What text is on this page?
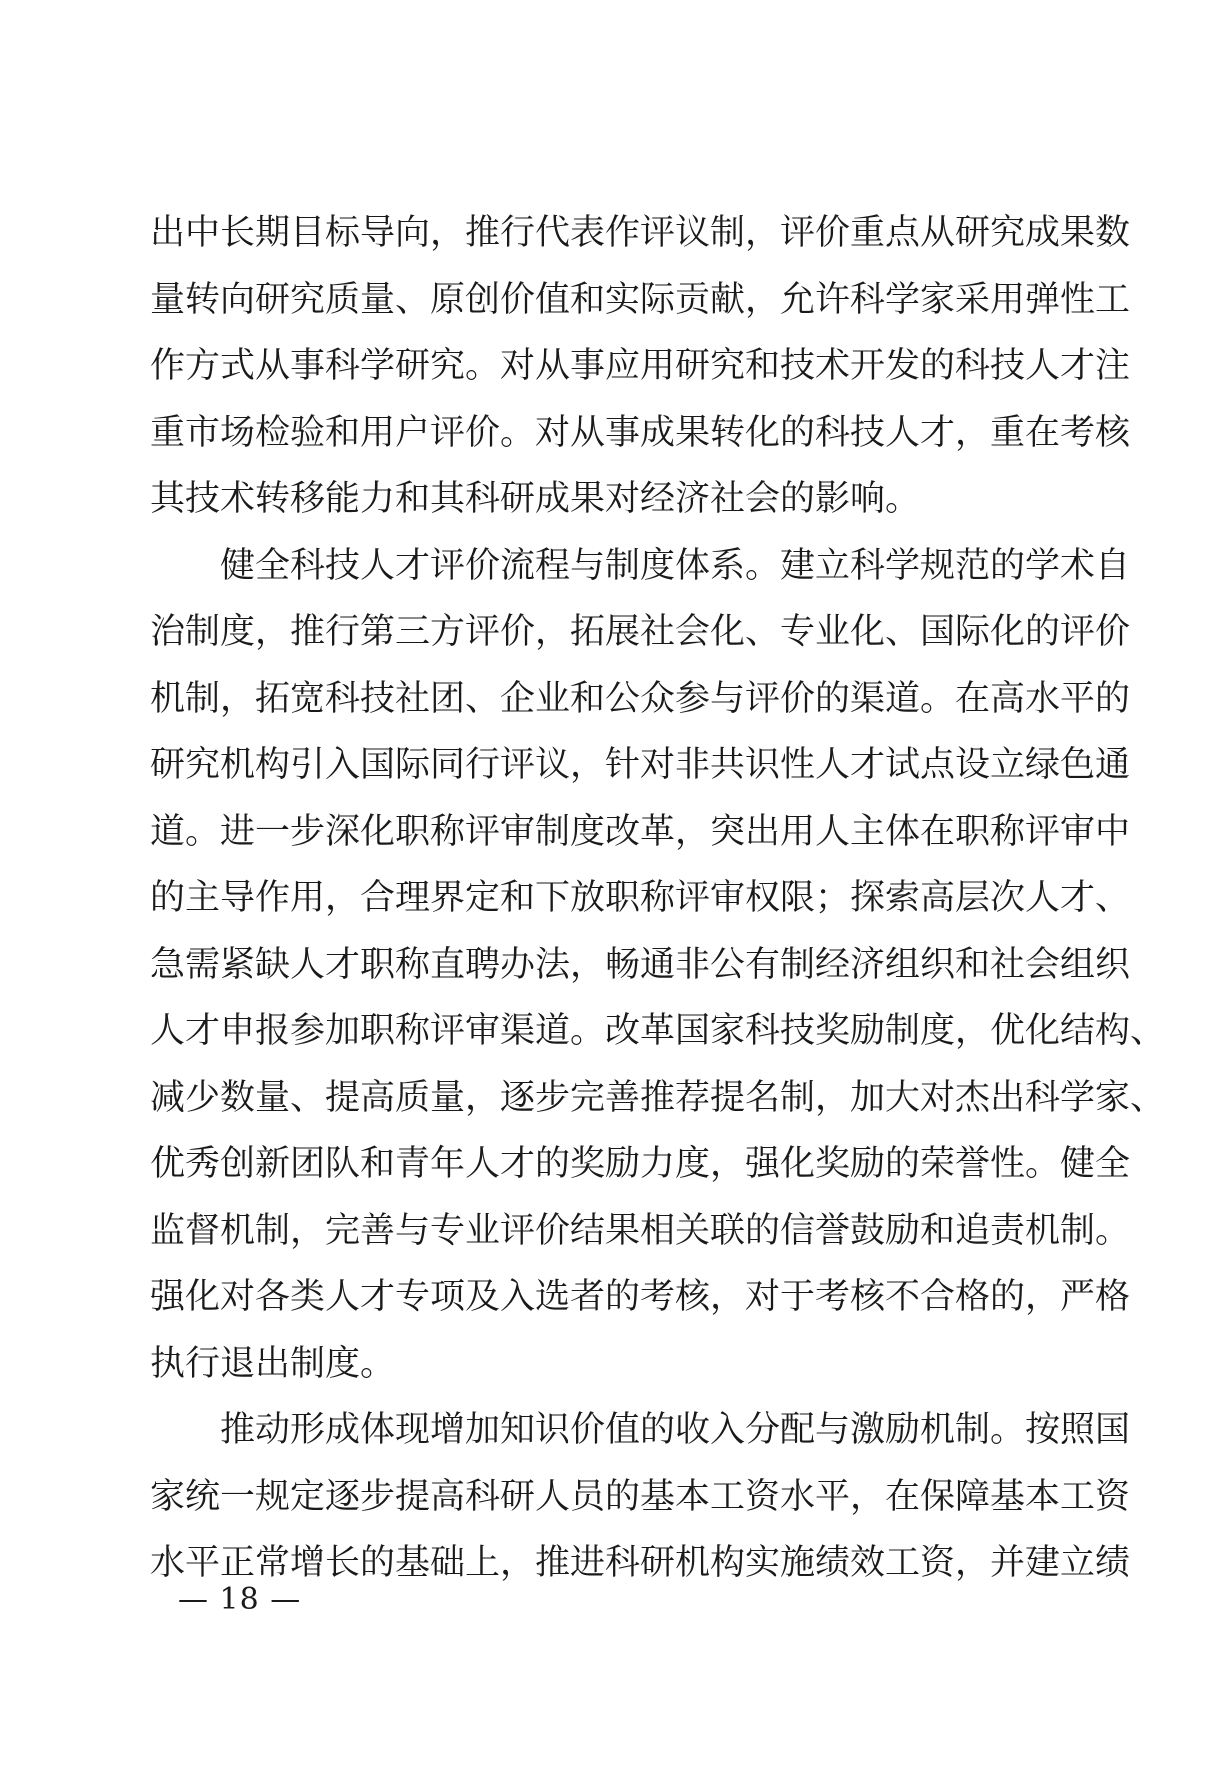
出中长期目标导向，推行代表作评议制，评价重点从研究成果数
量转向研究质量、原创价值和实际贡献，允许科学家采用弹性工
作方式从事科学研究。对从事应用研究和技术开发的科技人才注
重市场检验和用户评价。对从事成果转化的科技人才，重在考核
其技术转移能力和其科研成果对经济社会的影响。
健全科技人才评价流程与制度体系。建立科学规范的学术自
治制度，推行第三方评价，拓展社会化、专业化、国际化的评价
机制，拓宽科技社团、企业和公众参与评价的渠道。在高水平的
研究机构引入国际同行评议，针对非共识性人才试点设立绿色通
道。进一步深化职称评审制度改革，突出用人主体在职称评审中
的主导作用，合理界定和下放职称评审权限；探索高层次人才、
急需紧缺人才职称直聘办法，畅通非公有制经济组织和社会组织
人才申报参加职称评审渠道。改革国家科技奖励制度，优化结构、
减少数量、提高质量，逐步完善推荐提名制，加大对杰出科学家、
优秀创新团队和青年人才的奖励力度，强化奖励的荣誉性。健全
监督机制，完善与专业评价结果相关联的信誉鼓励和追责机制。
强化对各类人才专项及入选者的考核，对于考核不合格的，严格
执行退出制度。
推动形成体现增加知识价值的收入分配与激励机制。按照国
家统一规定逐步提高科研人员的基本工资水平，在保障基本工资
水平正常增长的基础上，推进科研机构实施绩效工资，并建立绩
— 18 —
